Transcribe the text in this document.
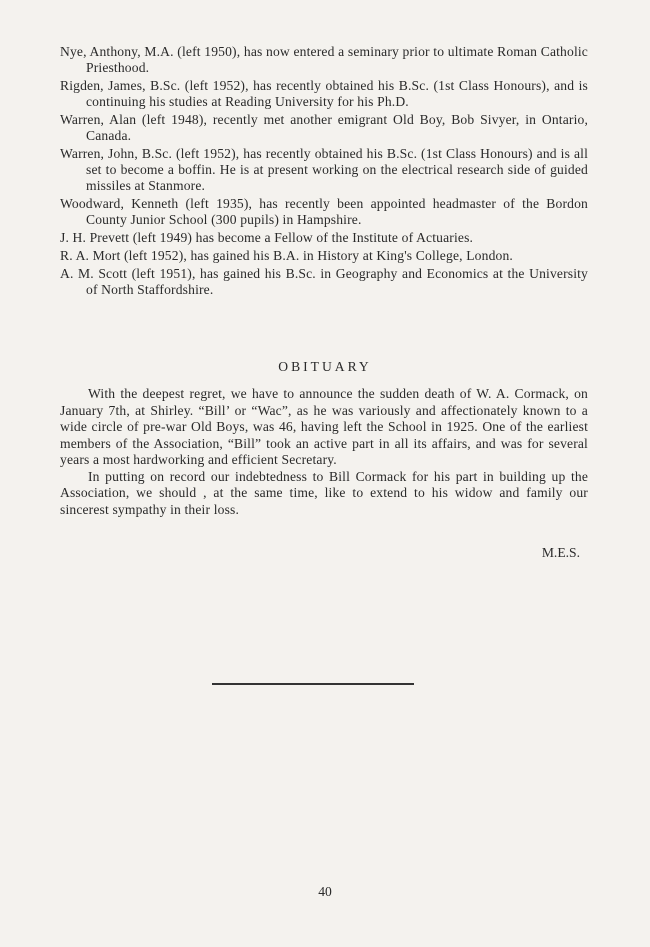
Nye, Anthony, M.A. (left 1950), has now entered a seminary prior to ultimate Roman Catholic Priesthood.

Rigden, James, B.Sc. (left 1952), has recently obtained his B.Sc. (1st Class Honours), and is continuing his studies at Reading University for his Ph.D.

Warren, Alan (left 1948), recently met another emigrant Old Boy, Bob Sivyer, in Ontario, Canada.

Warren, John, B.Sc. (left 1952), has recently obtained his B.Sc. (1st Class Honours) and is all set to become a boffin. He is at present working on the electrical research side of guided missiles at Stanmore.

Woodward, Kenneth (left 1935), has recently been appointed headmaster of the Bordon County Junior School (300 pupils) in Hampshire.

J. H. Prevett (left 1949) has become a Fellow of the Institute of Actuaries.

R. A. Mort (left 1952), has gained his B.A. in History at King's College, London.

A. M. Scott (left 1951), has gained his B.Sc. in Geography and Economics at the University of North Staffordshire.

OBITUARY

With the deepest regret, we have to announce the sudden death of W. A. Cormack, on January 7th, at Shirley. “Bill’ or “Wac”, as he was variously and affectionately known to a wide circle of pre-war Old Boys, was 46, having left the School in 1925. One of the earliest members of the Association, “Bill” took an active part in all its affairs, and was for several years a most hardworking and efficient Secretary.

In putting on record our indebtedness to Bill Cormack for his part in building up the Association, we should , at the same time, like to extend to his widow and family our sincerest sympathy in their loss.

M.E.S.
40
